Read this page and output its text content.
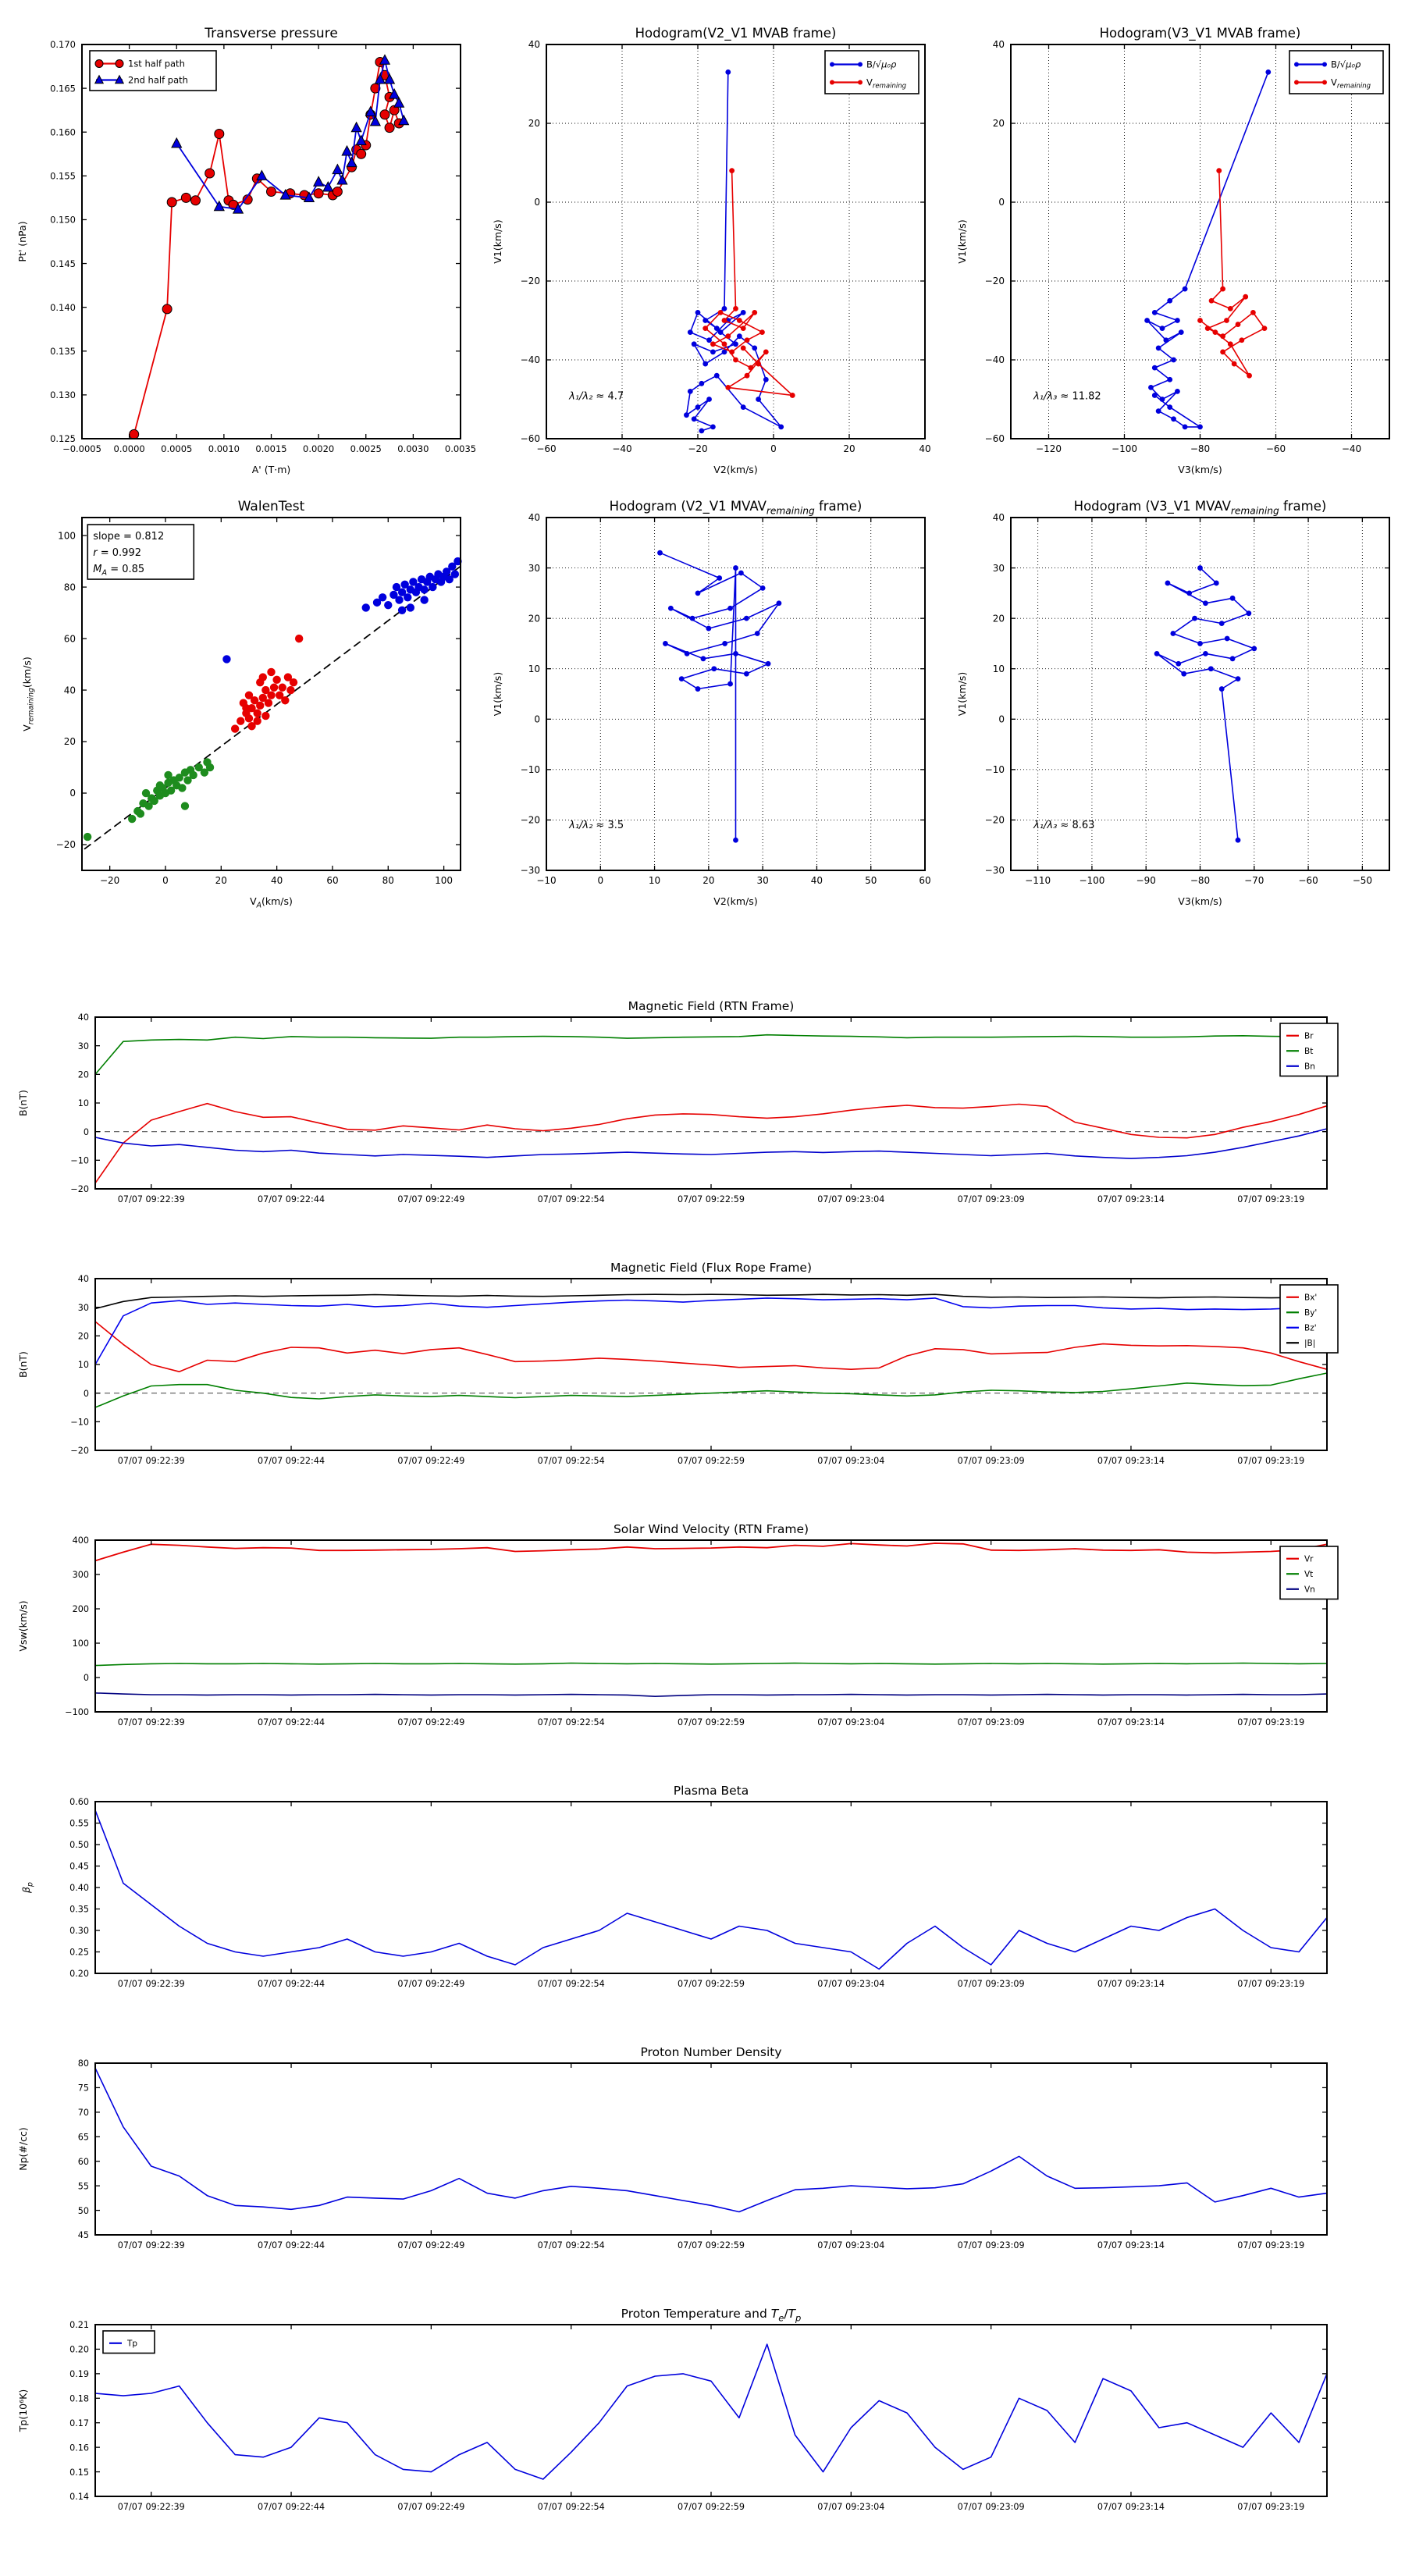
−0.0005 0.0000 0.0005 0.0010 0.0015 0.0020 0.0025 0.0030 0.0035
0.125
0.130
0.135
0.140
0.145
0.150
0.155
0.160
0.165
0.170
Transverse pressure
A' (T·m)
Pt' (nPa)
1st half path
2nd half path
−60	−40	−20	0	20	40
−60
−40
−20
0
20
40
Hodogram(V2_V1 MVAB frame)
V2(km/s)
V1(km/s)
λ₁/λ₂ ≈ 4.7
B/√μ₀ρ
$V_{remaining}$
−120	−100	−80	−60	−40
−60
−40
−20
0
20
40
Hodogram(V3_V1 MVAB frame)
V3(km/s)
V1(km/s)
λ₁/λ₃ ≈ 11.82
B/√μ₀ρ
$V_{remaining}$
−20	0	20	40	60	80	100
−20
0
20
40
60
80
100
WalenTest
$V_A(km/s)$
$V_{remaining}(km/s)$
slope = 0.812
r = 0.992
$M_A = 0.85$
−10	0	10	20	30	40	50	60
−30
−20
−10
0
10
20
30
40
Hodogram (V2_V1 $MVAV_{remaining}$ frame)
V2(km/s)
V1(km/s)
λ₁/λ₂ ≈ 3.5
−110	−100	−90	−80	−70	−60	−50
−30
−20
−10
0
10
20
30
40
Hodogram (V3_V1 $MVAV_{remaining}$ frame)
V3(km/s)
V1(km/s)
λ₁/λ₃ ≈ 8.63
07/07 09:22:39	07/07 09:22:44	07/07 09:22:49	07/07 09:22:54	07/07 09:22:59	07/07 09:23:04	07/07 09:23:09	07/07 09:23:14	07/07 09:23:19
−20
−10
0
10
20
30
40
Magnetic Field (RTN Frame)
B(nT)
Br
Bt
Bn
07/07 09:22:39	07/07 09:22:44	07/07 09:22:49	07/07 09:22:54	07/07 09:22:59	07/07 09:23:04	07/07 09:23:09	07/07 09:23:14	07/07 09:23:19
−20
−10
0
10
20
30
40
Magnetic Field (Flux Rope Frame)
B(nT)
Bx'
By'
Bz'
|B|
07/07 09:22:39	07/07 09:22:44	07/07 09:22:49	07/07 09:22:54	07/07 09:22:59	07/07 09:23:04	07/07 09:23:09	07/07 09:23:14	07/07 09:23:19
−100
0
100
200
300
400
Solar Wind Velocity (RTN Frame)
Vsw(km/s)
Vr
Vt
Vn
07/07 09:22:39	07/07 09:22:44	07/07 09:22:49	07/07 09:22:54	07/07 09:22:59	07/07 09:23:04	07/07 09:23:09	07/07 09:23:14	07/07 09:23:19
0.20
0.25
0.30
0.35
0.40
0.45
0.50
0.55
0.60
Plasma Beta
$\beta_p$
07/07 09:22:39	07/07 09:22:44	07/07 09:22:49	07/07 09:22:54	07/07 09:22:59	07/07 09:23:04	07/07 09:23:09	07/07 09:23:14	07/07 09:23:19
45
50
55
60
65
70
75
80
Proton Number Density
Np(#/cc)
07/07 09:22:39	07/07 09:22:44	07/07 09:22:49	07/07 09:22:54	07/07 09:22:59	07/07 09:23:04	07/07 09:23:09	07/07 09:23:14	07/07 09:23:19
0.14
0.15
0.16
0.17
0.18
0.19
0.20
0.21
Proton Temperature and $T_e/T_p$
Tp(10⁶K)
Tp
